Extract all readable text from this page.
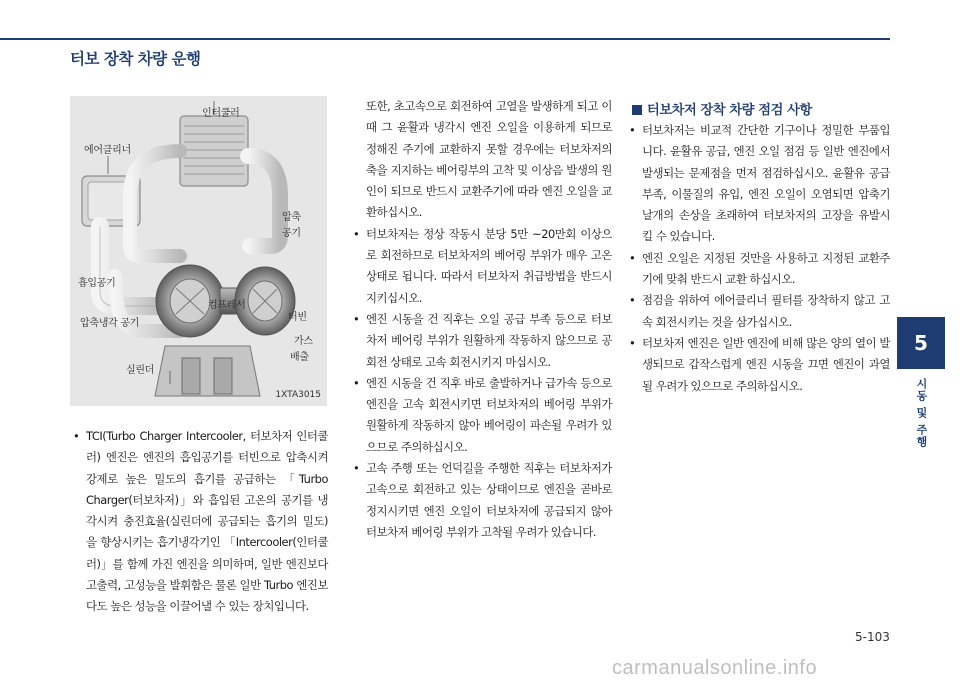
터보 장착 차량 운행
인터쿨러
에어클리너
압축
공기
흡입공기
컴프레서
압축냉각 공기
터빈
가스
배출
실린더
1XTA3015
• TCI(Turbo Charger Intercooler, 터보차저 인터쿨러) 엔진은 엔진의 흡입공기를 터빈으로 압축시켜 강제로 높은 밀도의 흡기를 공급하는 「Turbo Charger(터보차저)」와 흡입된 고온의 공기를 냉각시켜 충진효율(실린더에 공급되는 흡기의 밀도)을 향상시키는 흡기냉각기인 「Intercooler(인터쿨러)」를 함께 가진 엔진을 의미하며, 일반 엔진보다 고출력, 고성능을 발휘함은 물론 일반 Turbo 엔진보다도 높은 성능을 이끌어낼 수 있는 장치입니다.
또한, 초고속으로 회전하여 고열을 발생하게 되고 이때 그 윤활과 냉각시 엔진 오일을 이용하게 되므로 정해진 주기에 교환하지 못할 경우에는 터보차저의 축을 지지하는 베어링부의 고착 및 이상음 발생의 원인이 되므로 반드시 교환주기에 따라 엔진 오일을 교환하십시오.
• 터보차저는 정상 작동시 분당 5만 ~20만회 이상으로 회전하므로 터보차저의 베어링 부위가 매우 고온상태로 됩니다. 따라서 터보차저 취급방법을 반드시 지키십시오.
• 엔진 시동을 건 직후는 오일 공급 부족 등으로 터보차저 베어링 부위가 원활하게 작동하지 않으므로 공회전 상태로 고속 회전시키지 마십시오.
• 엔진 시동을 건 직후 바로 출발하거나 급가속 등으로 엔진을 고속 회전시키면 터보차저의 베어링 부위가 원활하게 작동하지 않아 베어링이 파손될 우려가 있으므로 주의하십시오.
• 고속 주행 또는 언덕길을 주행한 직후는 터보차저가 고속으로 회전하고 있는 상태이므로 엔진을 곧바로 정지시키면 엔진 오일이 터보차저에 공급되지 않아 터보차저 베어링 부위가 고착될 우려가 있습니다.
터보차저 장착 차량 점검 사항
• 터보차저는 비교적 간단한 기구이나 정밀한 부품입니다. 윤활유 공급, 엔진 오일 점검 등 일반 엔진에서 발생되는 문제점을 먼저 점검하십시오. 윤활유 공급 부족, 이물질의 유입, 엔진 오일이 오염되면 압축기 날개의 손상을 초래하여 터보차저의 고장을 유발시킬 수 있습니다.
• 엔진 오일은 지정된 것만을 사용하고 지정된 교환주기에 맞춰 반드시 교환 하십시오.
• 점검을 위하여 에어클리너 필터를 장착하지 않고 고속 회전시키는 것을 삼가십시오.
• 터보차저 엔진은 일반 엔진에 비해 많은 양의 열이 발생되므로 갑작스럽게 엔진 시동을 끄면 엔진이 과열될 우려가 있으므로 주의하십시오.
5
시동 및 주행
5-103
carmanualsonline.info
